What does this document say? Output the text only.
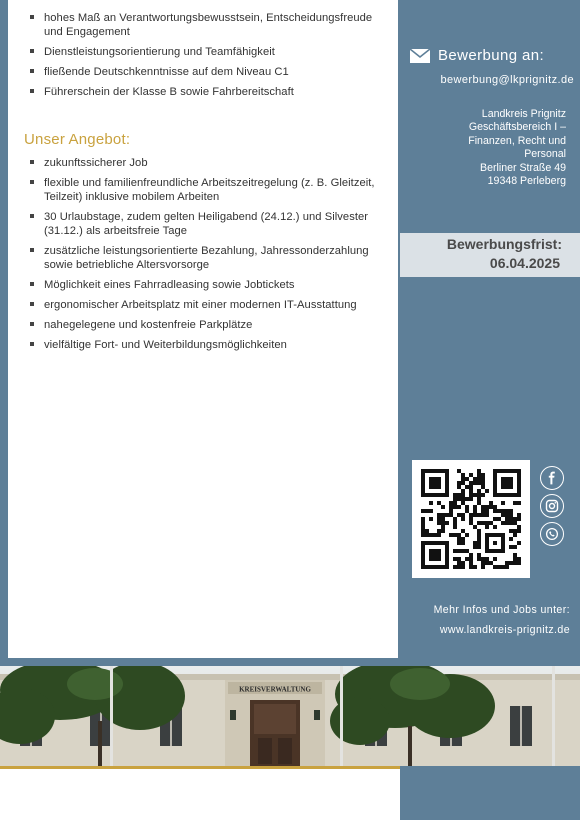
hohes Maß an Verantwortungsbewusstsein, Entscheidungsfreude und Engagement
Dienstleistungsorientierung und Teamfähigkeit
fließende Deutschkenntnisse auf dem Niveau C1
Führerschein der Klasse B sowie Fahrbereitschaft
Unser Angebot:
zukunftssicherer Job
flexible und familienfreundliche Arbeitszeitregelung (z. B. Gleitzeit, Teilzeit) inklusive mobilem Arbeiten
30 Urlaubstage, zudem gelten Heiligabend (24.12.) und Silvester (31.12.) als arbeitsfreie Tage
zusätzliche leistungsorientierte Bezahlung, Jahressonderzahlung sowie betriebliche Altersvorsorge
Möglichkeit eines Fahrradleasing sowie Jobtickets
ergonomischer Arbeitsplatz mit einer modernen IT-Ausstattung
nahegelegene und kostenfreie Parkplätze
vielfältige Fort- und Weiterbildungsmöglichkeiten
Bewerbung an:
bewerbung@lkprignitz.de
Landkreis Prignitz
Geschäftsbereich I –
Finanzen, Recht und
Personal
Berliner Straße 49
19348 Perleberg
Bewerbungsfrist:
06.04.2025
Mehr Infos und Jobs unter:
www.landkreis-prignitz.de
KREISVERWALTUNG
